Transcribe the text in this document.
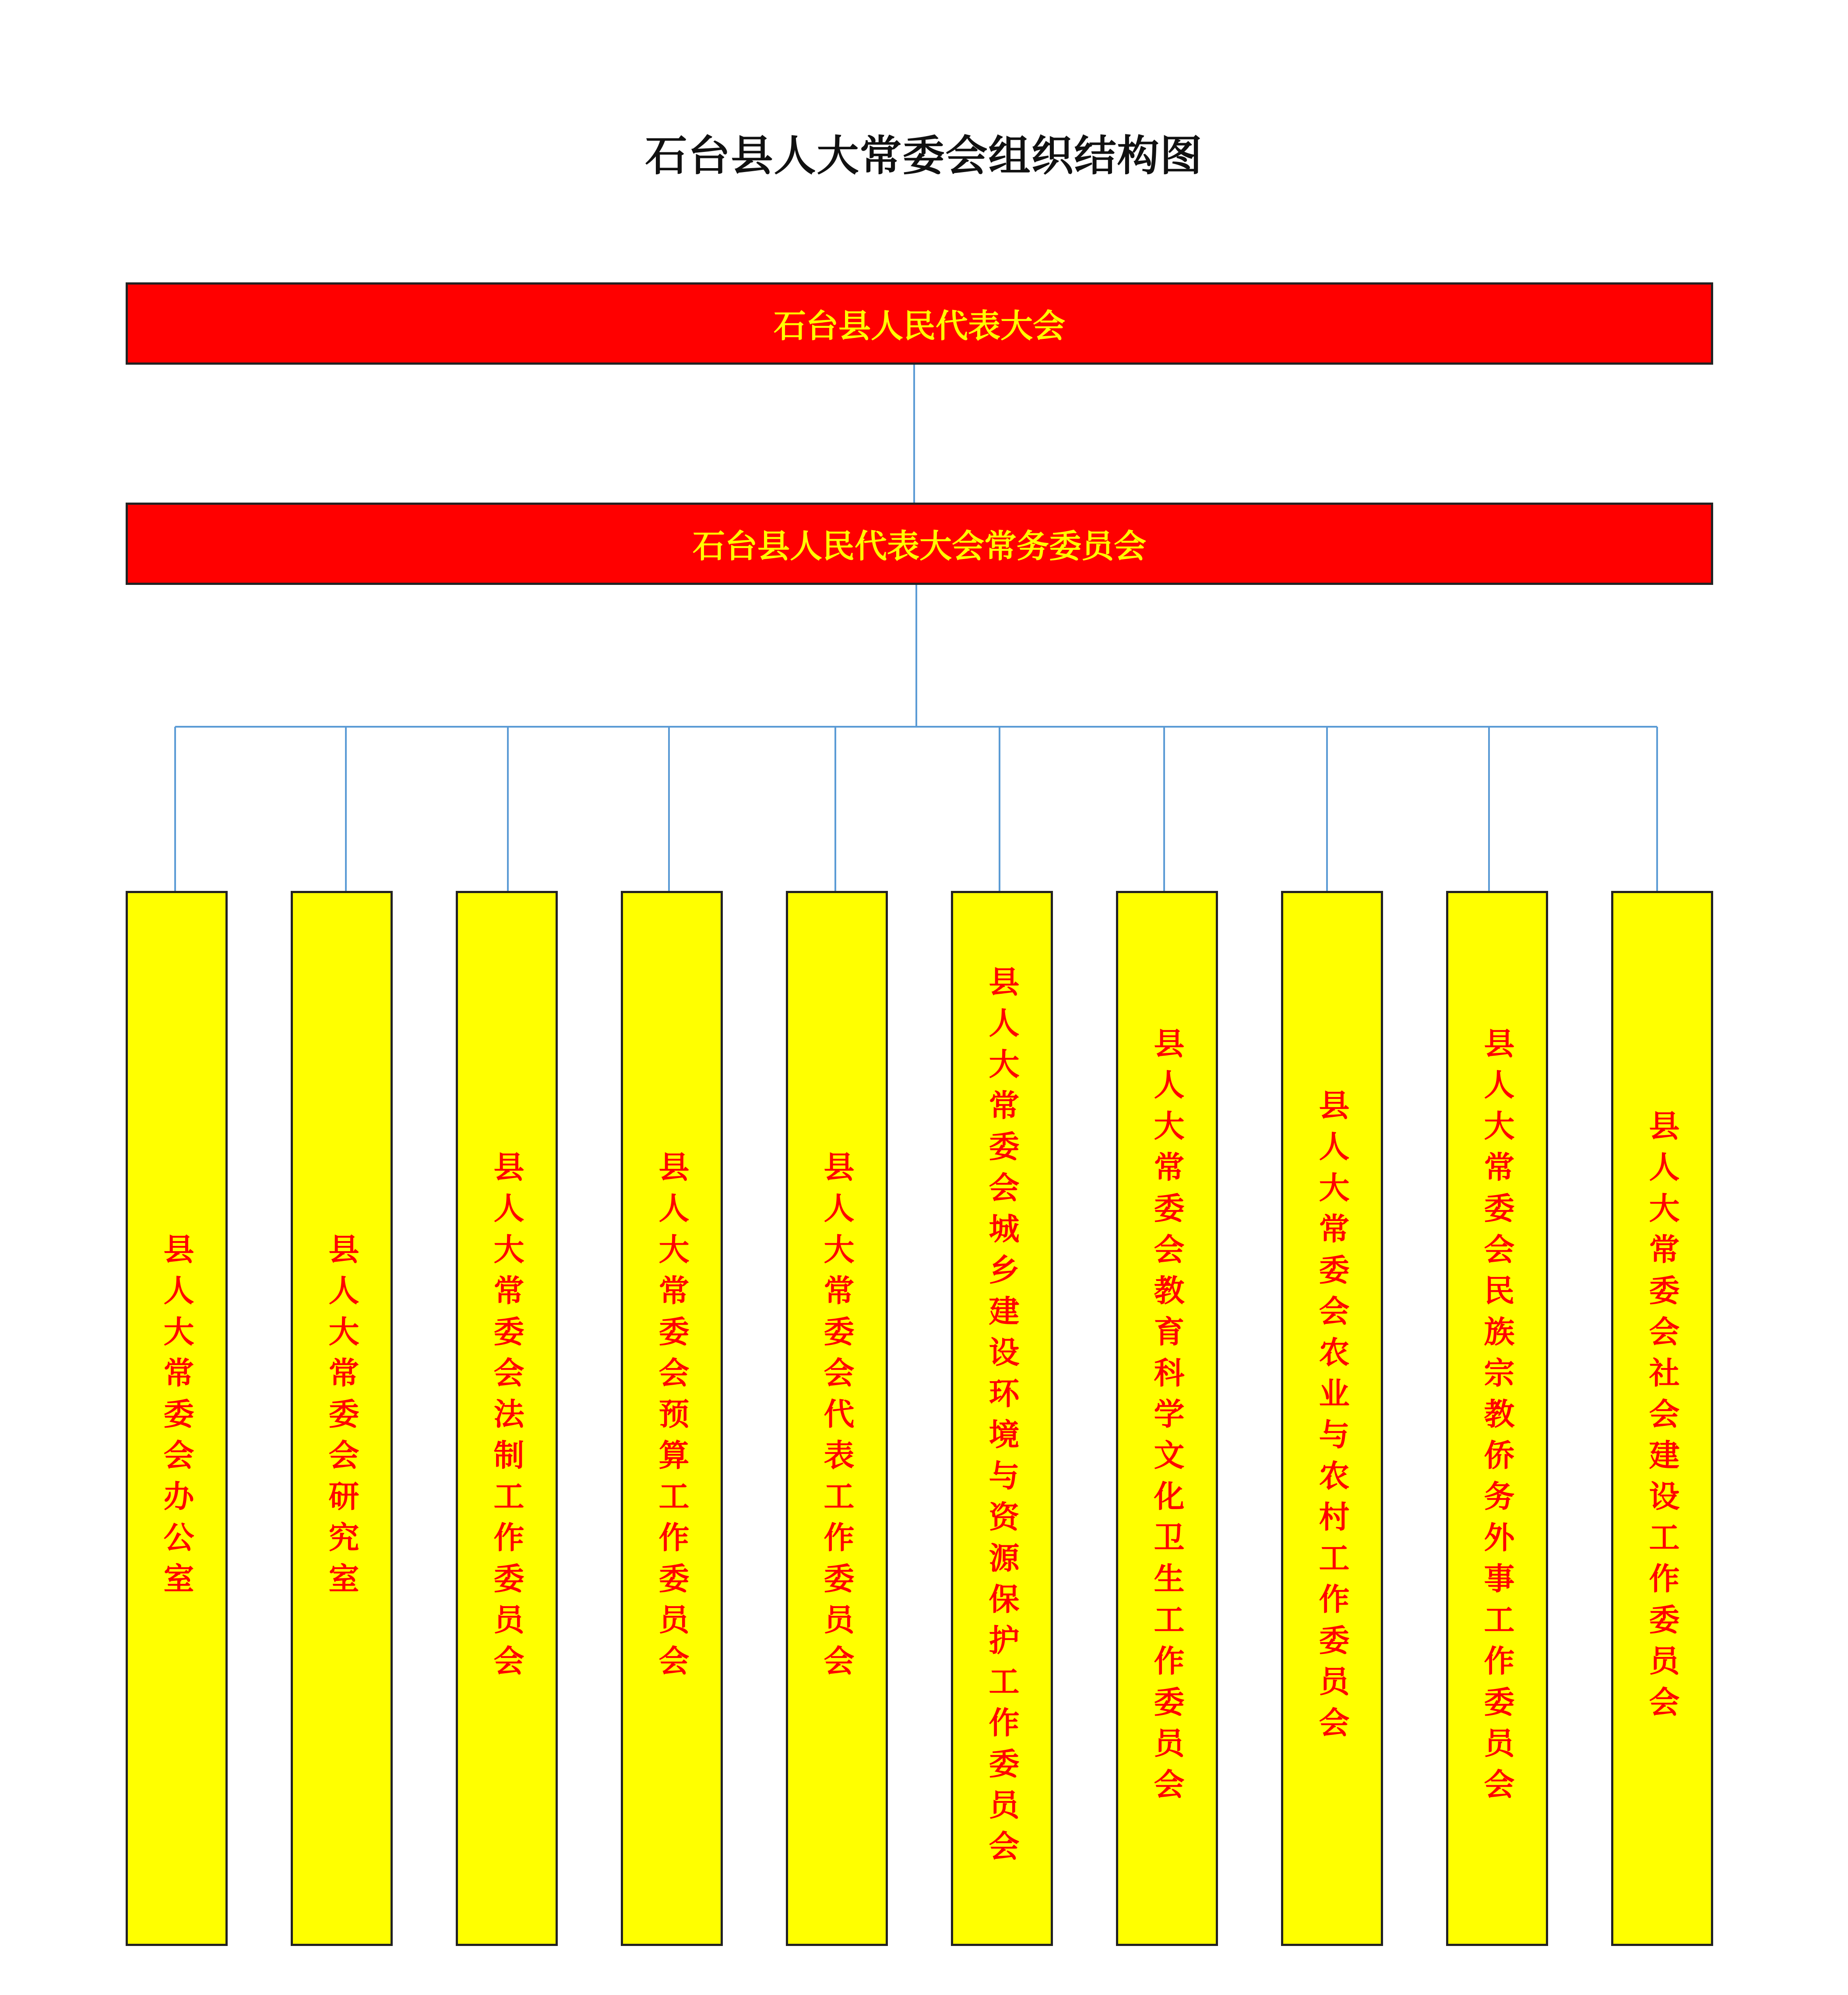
石台县人大常委会组织结构图
石台县人民代表大会
石台县人民代表大会常务委员会
县人大常委会办公室	县人大常委会研究室	县人大常委会法制工作委员会	县人大常委会预算工作委员会	县人大常委会代表工作委员会	县人大常委会城乡建设环境与资源保护工作委员会	县人大常委会教育科学文化卫生工作委员会	县人大常委会农业与农村工作委员会	县人大常委会民族宗教侨务外事工作委员会	县人大常委会社会建设工作委员会
